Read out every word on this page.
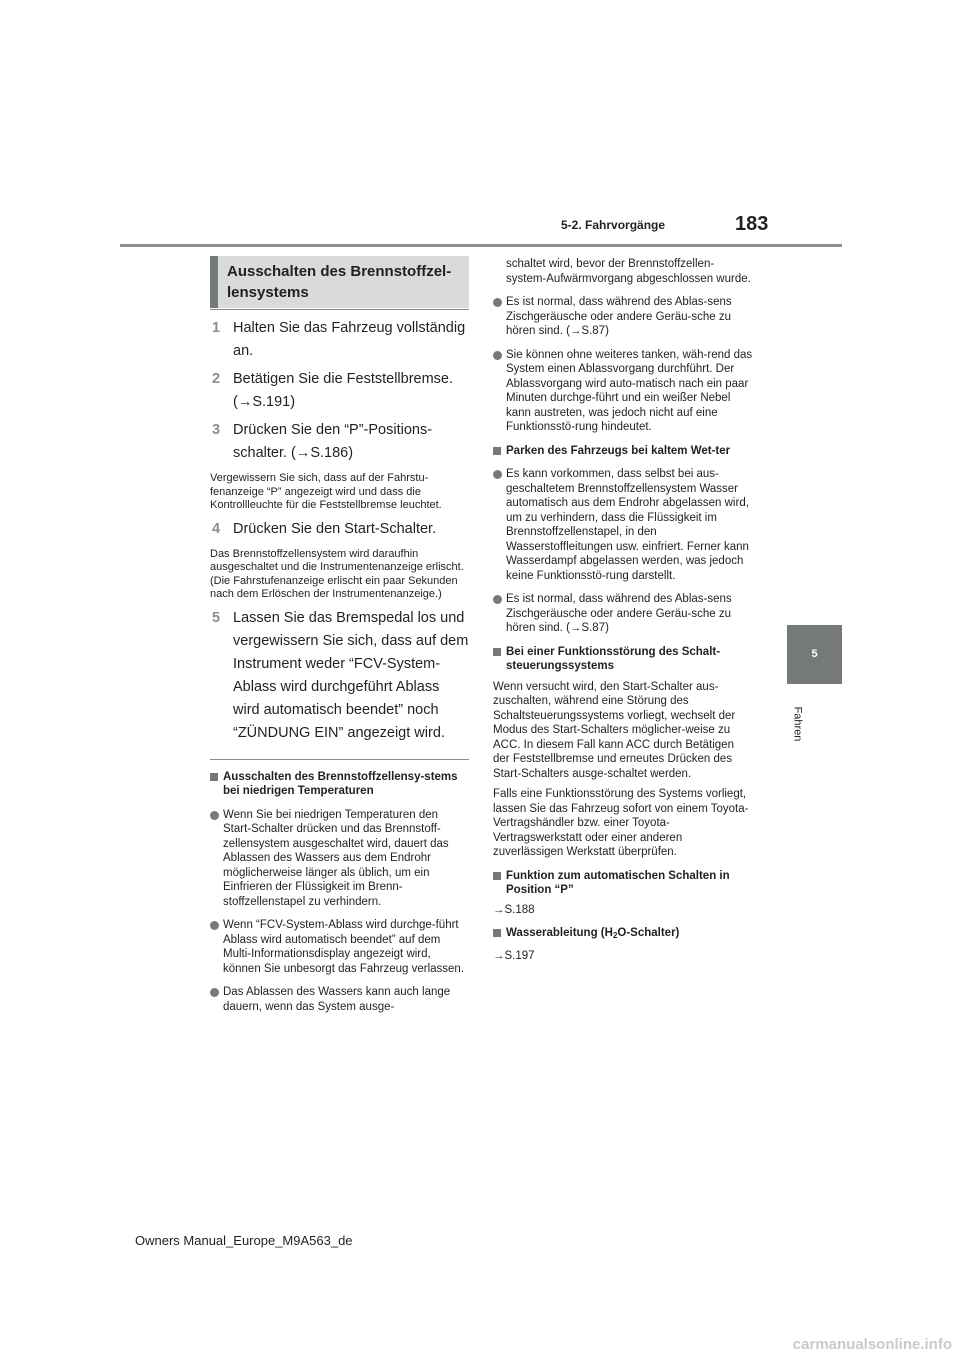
5-2. Fahrvorgänge	183
5
Fahren
Ausschalten des Brennstoffzel-lensystems
1 Halten Sie das Fahrzeug vollständig an.
2 Betätigen Sie die Feststellbremse. (→S.191)
3 Drücken Sie den “P”-Positions-schalter. (→S.186)
Vergewissern Sie sich, dass auf der Fahrstu-fenanzeige “P” angezeigt wird und dass die Kontrollleuchte für die Feststellbremse leuchtet.
4 Drücken Sie den Start-Schalter.
Das Brennstoffzellensystem wird daraufhin ausgeschaltet und die Instrumentenanzeige erlischt. (Die Fahrstufenanzeige erlischt ein paar Sekunden nach dem Erlöschen der Instrumentenanzeige.)
5 Lassen Sie das Bremspedal los und vergewissern Sie sich, dass auf dem Instrument weder “FCV-System-Ablass wird durchgeführt Ablass wird automatisch beendet” noch “ZÜNDUNG EIN” angezeigt wird.
Ausschalten des Brennstoffzellensy-stems bei niedrigen Temperaturen
Wenn Sie bei niedrigen Temperaturen den Start-Schalter drücken und das Brennstoff-zellensystem ausgeschaltet wird, dauert das Ablassen des Wassers aus dem Endrohr möglicherweise länger als üblich, um ein Einfrieren der Flüssigkeit im Brenn-stoffzellenstapel zu verhindern.
Wenn “FCV-System-Ablass wird durchge-führt Ablass wird automatisch beendet” auf dem Multi-Informationsdisplay angezeigt wird, können Sie unbesorgt das Fahrzeug verlassen.
Das Ablassen des Wassers kann auch lange dauern, wenn das System ausge-
schaltet wird, bevor der Brennstoffzellen-system-Aufwärmvorgang abgeschlossen wurde.
Es ist normal, dass während des Ablas-sens Zischgeräusche oder andere Geräu-sche zu hören sind. (→S.87)
Sie können ohne weiteres tanken, wäh-rend das System einen Ablassvorgang durchführt. Der Ablassvorgang wird auto-matisch nach ein paar Minuten durchge-führt und ein weißer Nebel kann austreten, was jedoch nicht auf eine Funktionsstö-rung hindeutet.
Parken des Fahrzeugs bei kaltem Wet-ter
Es kann vorkommen, dass selbst bei aus-geschaltetem Brennstoffzellensystem Wasser automatisch aus dem Endrohr abgelassen wird, um zu verhindern, dass die Flüssigkeit im Brennstoffzellenstapel, in den Wasserstoffleitungen usw. einfriert. Ferner kann Wasserdampf abgelassen werden, was jedoch keine Funktionsstö-rung darstellt.
Es ist normal, dass während des Ablas-sens Zischgeräusche oder andere Geräu-sche zu hören sind. (→S.87)
Bei einer Funktionsstörung des Schalt-steuerungssystems
Wenn versucht wird, den Start-Schalter aus-zuschalten, während eine Störung des Schaltsteuerungssystems vorliegt, wechselt der Modus des Start-Schalters möglicher-weise zu ACC. In diesem Fall kann ACC durch Betätigen der Feststellbremse und erneutes Drücken des Start-Schalters ausge-schaltet werden.
Falls eine Funktionsstörung des Systems vorliegt, lassen Sie das Fahrzeug sofort von einem Toyota-Vertragshändler bzw. einer Toyota-Vertragswerkstatt oder einer anderen zuverlässigen Werkstatt überprüfen.
Funktion zum automatischen Schalten in Position “P”
→S.188
Wasserableitung $(H_2O-Schalter)$
→S.197
Owners Manual_Europe_M9A563_de
carmanualsonline.info
